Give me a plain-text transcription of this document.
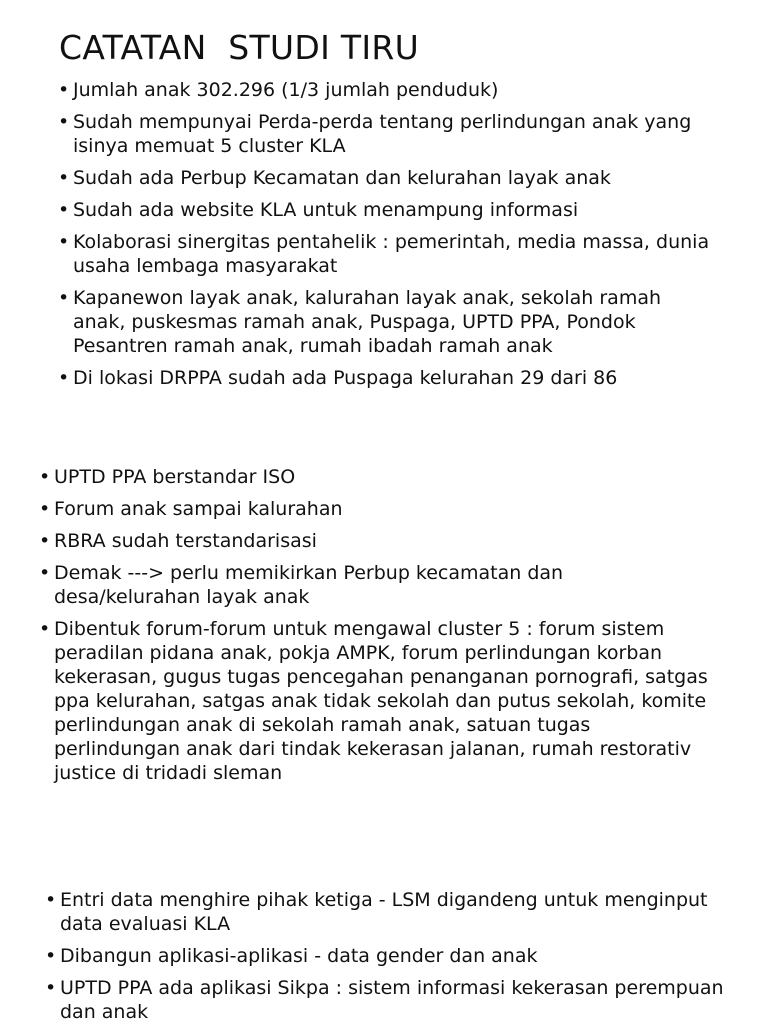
CATATAN  STUDI TIRU
• Jumlah anak 302.296 (1/3 jumlah penduduk)
• Sudah mempunyai Perda-perda tentang perlindungan anak yang isinya memuat 5 cluster KLA
• Sudah ada Perbup Kecamatan dan kelurahan layak anak
• Sudah ada website KLA untuk menampung informasi
• Kolaborasi sinergitas pentahelik : pemerintah, media massa, dunia usaha lembaga masyarakat
• Kapanewon layak anak, kalurahan layak anak, sekolah ramah anak, puskesmas ramah anak, Puspaga, UPTD PPA, Pondok Pesantren ramah anak, rumah ibadah ramah anak
• Di lokasi DRPPA sudah ada Puspaga kelurahan 29 dari 86
• UPTD PPA berstandar ISO
• Forum anak sampai kalurahan
• RBRA sudah terstandarisasi
• Demak ---> perlu memikirkan Perbup kecamatan dan desa/kelurahan layak anak
• Dibentuk forum-forum untuk mengawal cluster 5 : forum sistem peradilan pidana anak, pokja AMPK, forum perlindungan korban kekerasan, gugus tugas pencegahan penanganan pornografi, satgas ppa kelurahan, satgas anak tidak sekolah dan putus sekolah, komite perlindungan anak di sekolah ramah anak, satuan tugas perlindungan anak dari tindak kekerasan jalanan, rumah restorativ justice di tridadi sleman
• Entri data menghire pihak ketiga - LSM digandeng untuk menginput data evaluasi KLA
• Dibangun aplikasi-aplikasi - data gender dan anak
• UPTD PPA ada aplikasi Sikpa : sistem informasi kekerasan perempuan dan anak
